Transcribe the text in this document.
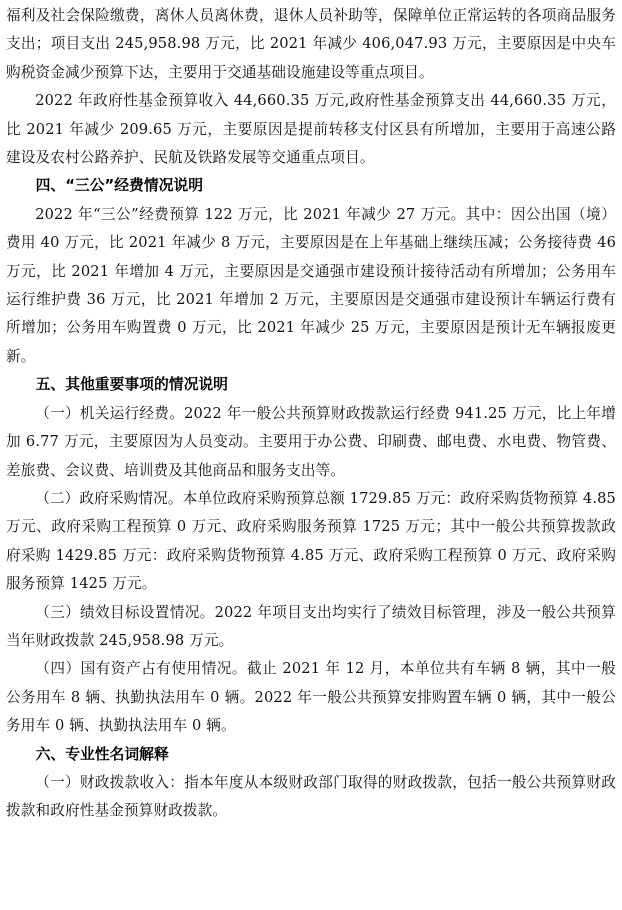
福利及社会保险缴费，离休人员离休费，退休人员补助等，保障单位正常运转的各项商品服务支出；项目支出 245,958.98 万元，比 2021 年减少 406,047.93 万元，主要原因是中央车购税资金减少预算下达，主要用于交通基础设施建设等重点项目。

2022 年政府性基金预算收入 44,660.35 万元,政府性基金预算支出 44,660.35 万元，比 2021 年减少 209.65 万元，主要原因是提前转移支付区县有所增加，主要用于高速公路建设及农村公路养护、民航及铁路发展等交通重点项目。

四、“三公”经费情况说明

2022 年“三公”经费预算 122 万元，比 2021 年减少 27 万元。其中：因公出国（境）费用 40 万元，比 2021 年减少 8 万元，主要原因是在上年基础上继续压减；公务接待费 46 万元，比 2021 年增加 4 万元，主要原因是交通强市建设预计接待活动有所增加；公务用车运行维护费 36 万元，比 2021 年增加 2 万元，主要原因是交通强市建设预计车辆运行费有所增加；公务用车购置费 0 万元，比 2021 年减少 25 万元，主要原因是预计无车辆报废更新。

五、其他重要事项的情况说明

（一）机关运行经费。2022 年一般公共预算财政拨款运行经费 941.25 万元，比上年增加 6.77 万元，主要原因为人员变动。主要用于办公费、印刷费、邮电费、水电费、物管费、差旅费、会议费、培训费及其他商品和服务支出等。

（二）政府采购情况。本单位政府采购预算总额 1729.85 万元：政府采购货物预算 4.85 万元、政府采购工程预算 0 万元、政府采购服务预算 1725 万元；其中一般公共预算拨款政府采购 1429.85 万元：政府采购货物预算 4.85 万元、政府采购工程预算 0 万元、政府采购服务预算 1425 万元。

（三）绩效目标设置情况。2022 年项目支出均实行了绩效目标管理，涉及一般公共预算当年财政拨款 245,958.98 万元。

（四）国有资产占有使用情况。截止 2021 年 12 月，本单位共有车辆 8 辆，其中一般公务用车 8 辆、执勤执法用车 0 辆。2022 年一般公共预算安排购置车辆 0 辆，其中一般公务用车 0 辆、执勤执法用车 0 辆。

六、专业性名词解释

（一）财政拨款收入：指本年度从本级财政部门取得的财政拨款，包括一般公共预算财政拨款和政府性基金预算财政拨款。
